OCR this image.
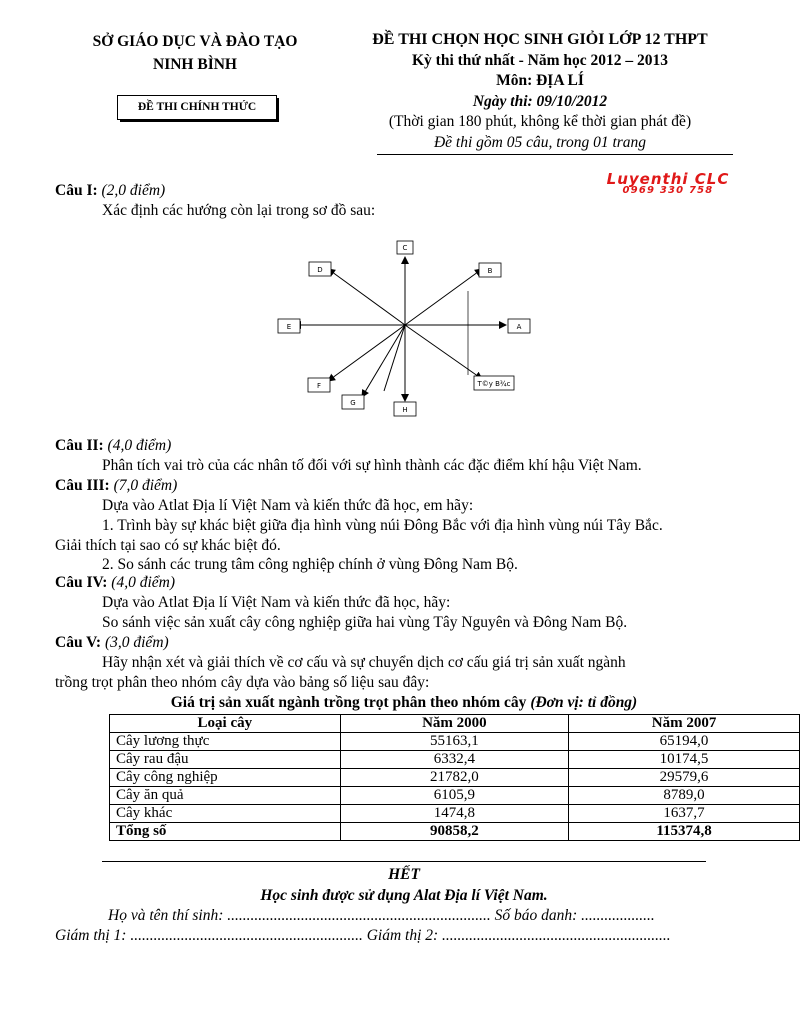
SỞ GIÁO DỤC VÀ ĐÀO TẠO
NINH BÌNH
ĐỀ THI CHÍNH THỨC
ĐỀ THI CHỌN HỌC SINH GIỎI LỚP 12 THPT
Kỳ thi thứ nhất - Năm học 2012 – 2013
Môn: ĐỊA LÍ
Ngày thi: 09/10/2012
(Thời gian 180 phút, không kể thời gian phát đề)
Đề thi gồm 05 câu, trong 01 trang
Luyenthi CLC
0969 330 758
Câu I: (2,0 điểm)
Xác định các hướng còn lại trong sơ đồ sau:
C
B
D
A
E
F
G
H
T©y B¾c
Câu II: (4,0 điểm)
Phân tích vai trò của các nhân tố đối với sự hình thành các đặc điểm khí hậu Việt Nam.
Câu III: (7,0 điểm)
Dựa vào Atlat Địa lí Việt Nam và kiến thức đã học, em hãy:
1. Trình bày sự khác biệt giữa địa hình vùng núi Đông Bắc với địa hình vùng núi Tây Bắc.
Giải thích tại sao có sự khác biệt đó.
2. So sánh các trung tâm công nghiệp chính ở vùng Đông Nam Bộ.
Câu IV: (4,0 điểm)
Dựa vào Atlat Địa lí Việt Nam và kiến thức đã học, hãy:
So sánh việc sản xuất cây công nghiệp giữa hai vùng Tây Nguyên và Đông Nam Bộ.
Câu V: (3,0 điểm)
Hãy nhận xét và giải thích về cơ cấu và sự chuyển dịch cơ cấu giá trị sản xuất ngành
trồng trọt phân theo nhóm cây dựa vào bảng số liệu sau đây:
Giá trị sản xuất ngành trồng trọt phân theo nhóm cây (Đơn vị: tỉ đồng)
Loại cây	Năm 2000	Năm 2007
Cây lương thực	55163,1	65194,0
Cây rau đậu	6332,4	10174,5
Cây công nghiệp	21782,0	29579,6
Cây ăn quả	6105,9	8789,0
Cây khác	1474,8	1637,7
Tổng số	90858,2	115374,8
HẾT
Học sinh được sử dụng Alat Địa lí Việt Nam.
Họ và tên thí sinh: .................................................................... Số báo danh: ...................
Giám thị 1: ............................................................ Giám thị 2: ...........................................................
